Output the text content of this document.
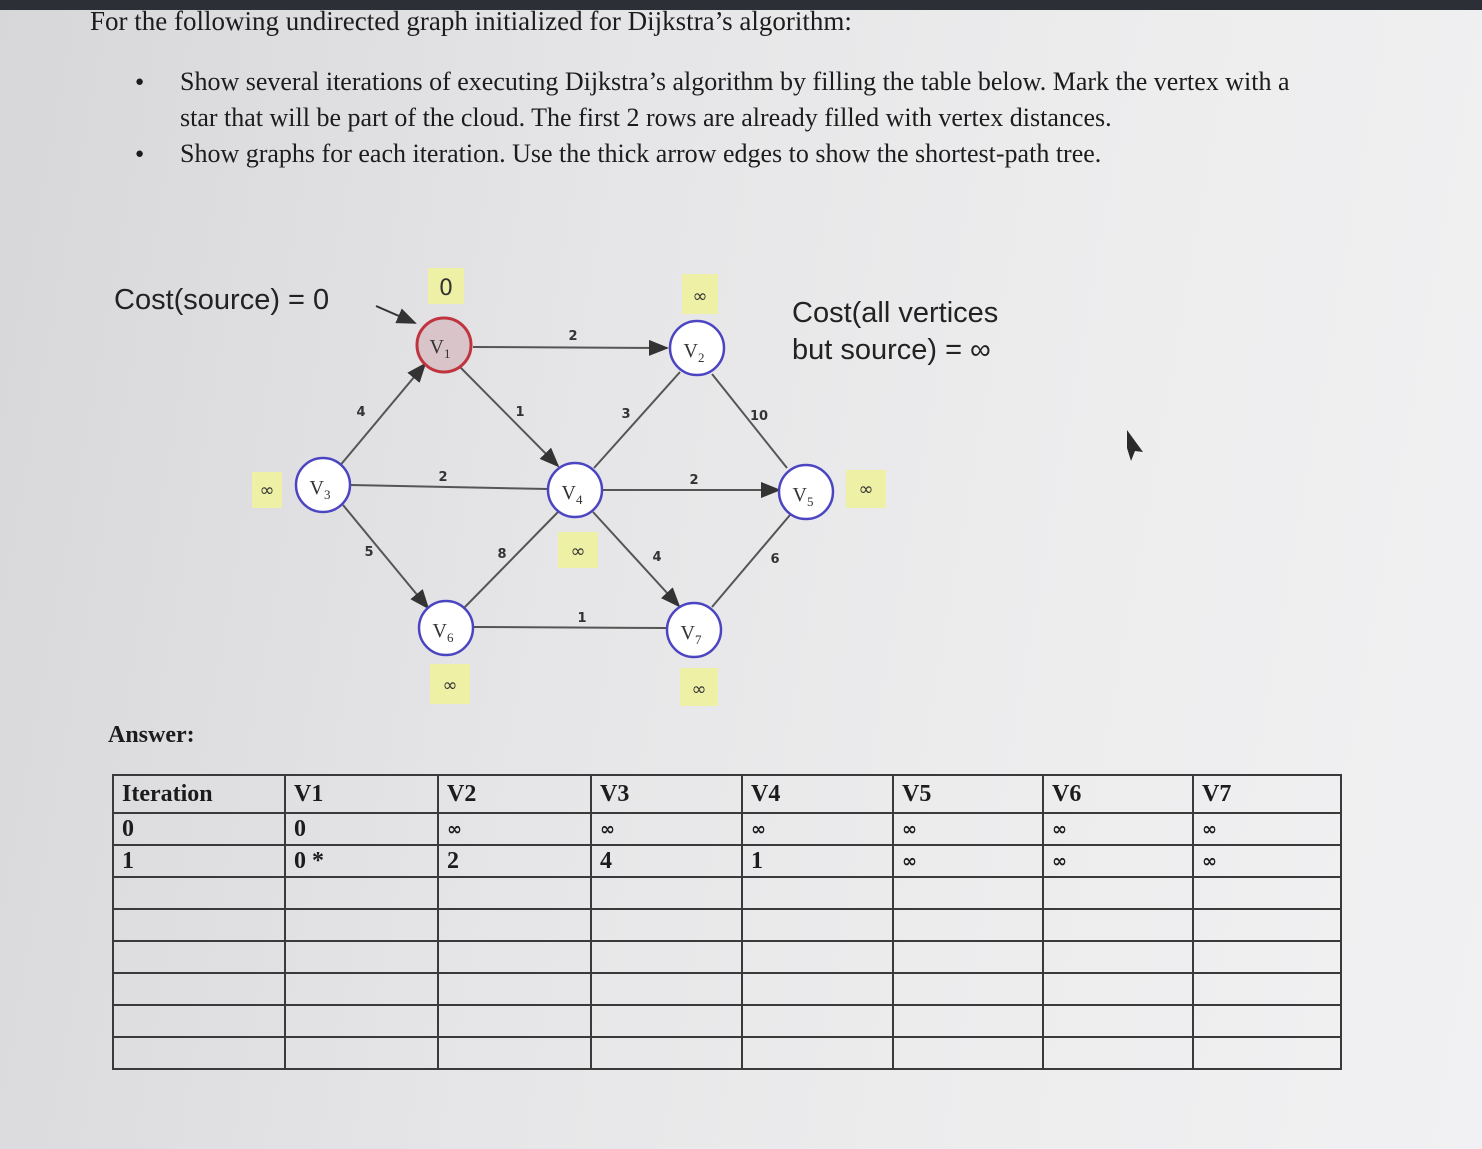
For the following undirected graph initialized for Dijkstra’s algorithm:
● Show several iterations of executing Dijkstra’s algorithm by filling the table below. Mark the vertex with a star that will be part of the cloud. The first 2 rows are already filled with vertex distances.
● Show graphs for each iteration. Use the thick arrow edges to show the shortest-path tree.
Cost(source) = 0	Cost(all vertices
but source) = ∞
2
4	1
2
3	10
2
5	8	4
1
6
0	∞
∞
∞
∞
∞	∞
$V_1$	$V_2$
$V_3$	$V_4$	$V_5$
$V_6$	$V_7$
Answer:
Iteration	V1	V2	V3	V4	V5	V6	V7
0	0	∞	∞	∞	∞	∞	∞
1	0 *	2	4	1	∞	∞	∞
